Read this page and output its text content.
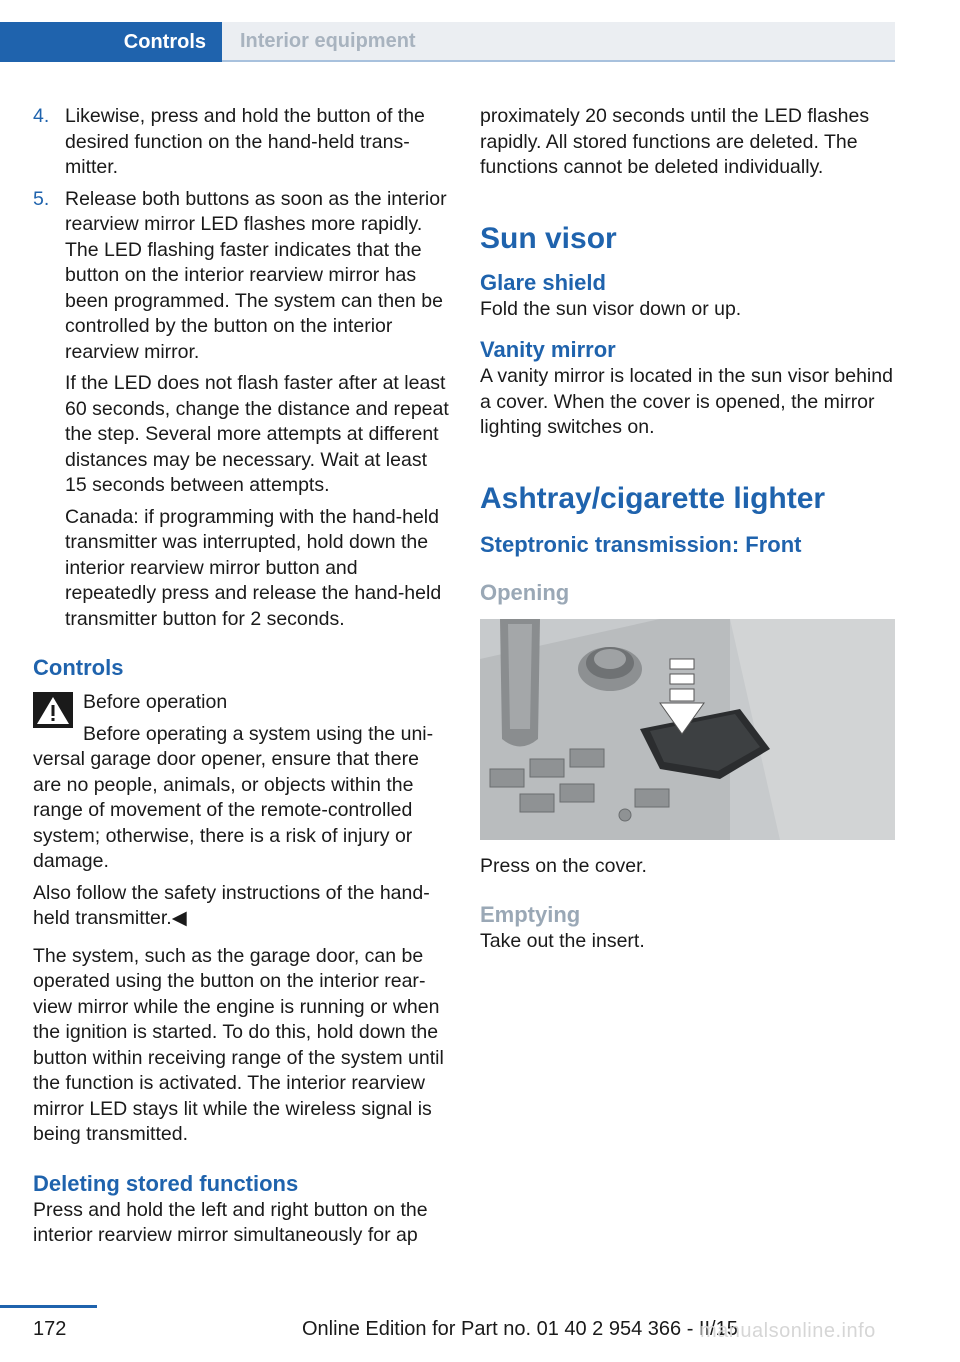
Controls	Interior equipment
4. Likewise, press and hold the button of the desired function on the hand-held transmitter.

5. Release both buttons as soon as the interior rearview mirror LED flashes more rapidly. The LED flashing faster indicates that the button on the interior rearview mirror has been programmed. The system can then be controlled by the button on the interior rearview mirror.

If the LED does not flash faster after at least 60 seconds, change the distance and repeat the step. Several more attempts at different distances may be necessary. Wait at least 15 seconds between attempts.

Canada: if programming with the hand-held transmitter was interrupted, hold down the interior rearview mirror button and repeatedly press and release the hand-held transmitter button for 2 seconds.

Controls

Before operation

Before operating a system using the universal garage door opener, ensure that there are no people, animals, or objects within the range of movement of the remote-controlled system; otherwise, there is a risk of injury or damage.

Also follow the safety instructions of the hand-held transmitter.◀

The system, such as the garage door, can be operated using the button on the interior rearview mirror while the engine is running or when the ignition is started. To do this, hold down the button within receiving range of the system until the function is activated. The interior rearview mirror LED stays lit while the wireless signal is being transmitted.

Deleting stored functions

Press and hold the left and right button on the interior rearview mirror simultaneously for ap

proximately 20 seconds until the LED flashes rapidly. All stored functions are deleted. The functions cannot be deleted individually.

Sun visor
Glare shield

Fold the sun visor down or up.

Vanity mirror

A vanity mirror is located in the sun visor behind a cover. When the cover is opened, the mirror lighting switches on.

Ashtray/cigarette lighter
Steptronic transmission: Front
Opening

Press on the cover.

Emptying

Take out the insert.

172	Online Edition for Part no. 01 40 2 954 366 - II/15
manualsonline.info
